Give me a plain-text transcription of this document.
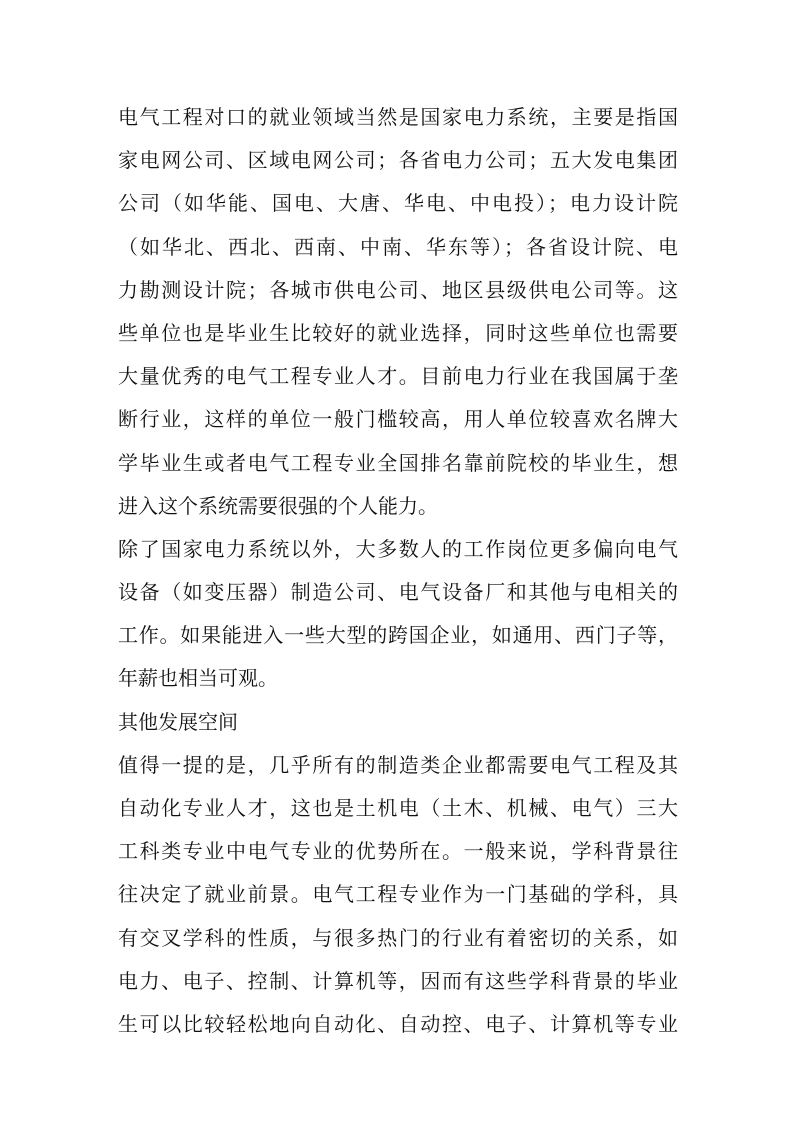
电气工程对口的就业领域当然是国家电力系统，主要是指国
家电网公司、区域电网公司；各省电力公司；五大发电集团
公司（如华能、国电、大唐、华电、中电投）；电力设计院
（如华北、西北、西南、中南、华东等）；各省设计院、电
力勘测设计院；各城市供电公司、地区县级供电公司等。这
些单位也是毕业生比较好的就业选择，同时这些单位也需要
大量优秀的电气工程专业人才。目前电力行业在我国属于垄
断行业，这样的单位一般门槛较高，用人单位较喜欢名牌大
学毕业生或者电气工程专业全国排名靠前院校的毕业生，想
进入这个系统需要很强的个人能力。
除了国家电力系统以外，大多数人的工作岗位更多偏向电气
设备（如变压器）制造公司、电气设备厂和其他与电相关的
工作。如果能进入一些大型的跨国企业，如通用、西门子等，
年薪也相当可观。
其他发展空间
值得一提的是，几乎所有的制造类企业都需要电气工程及其
自动化专业人才，这也是土机电（土木、机械、电气）三大
工科类专业中电气专业的优势所在。一般来说，学科背景往
往决定了就业前景。电气工程专业作为一门基础的学科，具
有交叉学科的性质，与很多热门的行业有着密切的关系，如
电力、电子、控制、计算机等，因而有这些学科背景的毕业
生可以比较轻松地向自动化、自动控、电子、计算机等专业
